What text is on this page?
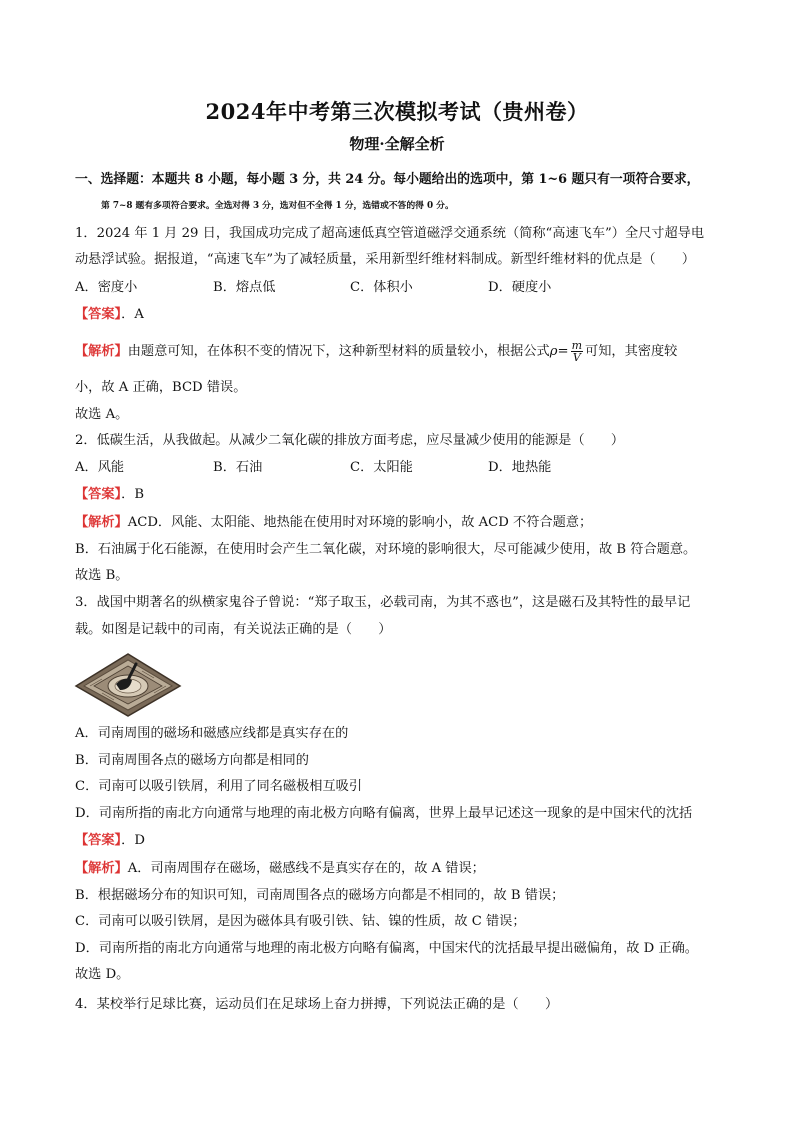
2024年中考第三次模拟考试（贵州卷）
物理·全解全析
一、选择题：本题共 8 小题，每小题 3 分，共 24 分。每小题给出的选项中，第 1~6 题只有一项符合要求，
第 7~8 题有多项符合要求。全选对得 3 分，选对但不全得 1 分，选错或不答的得 0 分。
1．2024 年 1 月 29 日，我国成功完成了超高速低真空管道磁浮交通系统（简称“高速飞车”）全尺寸超导电
动悬浮试验。据报道，“高速飞车”为了减轻质量，采用新型纤维材料制成。新型纤维材料的优点是（　　）
A．密度小	B．熔点低	C．体积小	D．硬度小
【答案】．A
【解析】由题意可知，在体积不变的情况下，这种新型材料的质量较小，根据公式$\rho= \frac{m}{V}$ 可知，其密度较
小，故 A 正确，BCD 错误。
故选 A。
2．低碳生活，从我做起。从减少二氧化碳的排放方面考虑，应尽量减少使用的能源是（　　）
A．风能	B．石油	C．太阳能	D．地热能
【答案】．B
【解析】ACD．风能、太阳能、地热能在使用时对环境的影响小，故 ACD 不符合题意；
B．石油属于化石能源，在使用时会产生二氧化碳，对环境的影响很大，尽可能减少使用，故 B 符合题意。
故选 B。
3．战国中期著名的纵横家鬼谷子曾说：“郑子取玉，必载司南，为其不惑也”，这是磁石及其特性的最早记
载。如图是记载中的司南，有关说法正确的是（　　）
A．司南周围的磁场和磁感应线都是真实存在的
B．司南周围各点的磁场方向都是相同的
C．司南可以吸引铁屑，利用了同名磁极相互吸引
D．司南所指的南北方向通常与地理的南北极方向略有偏离，世界上最早记述这一现象的是中国宋代的沈括
【答案】．D
【解析】A．司南周围存在磁场，磁感线不是真实存在的，故 A 错误；
B．根据磁场分布的知识可知，司南周围各点的磁场方向都是不相同的，故 B 错误；
C．司南可以吸引铁屑，是因为磁体具有吸引铁、钴、镍的性质，故 C 错误；
D．司南所指的南北方向通常与地理的南北极方向略有偏离，中国宋代的沈括最早提出磁偏角，故 D 正确。
故选 D。
4．某校举行足球比赛，运动员们在足球场上奋力拼搏，下列说法正确的是（　　）
